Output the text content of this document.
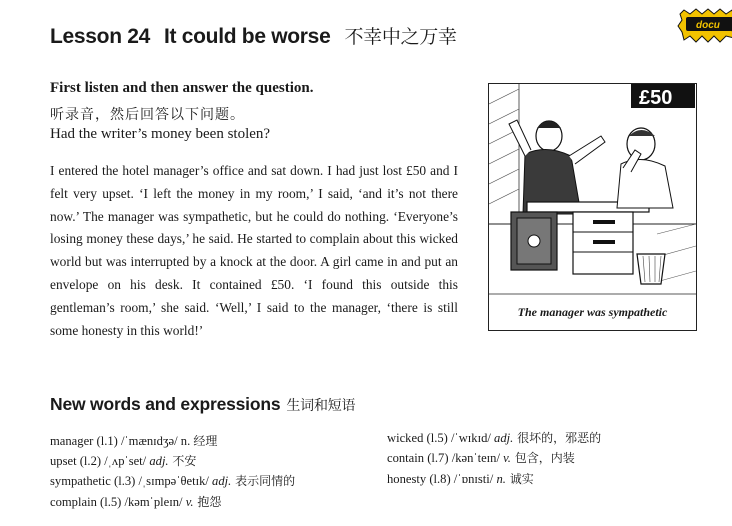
Lesson 24 It could be worse 不幸中之万幸
docu
First listen and then answer the question.
听录音，然后回答以下问题。
Had the writer’s money been stolen?
I entered the hotel manager’s office and sat down. I had just lost £50 and I felt very upset. ‘I left the money in my room,’ I said, ‘and it’s not there now.’ The manager was sympathetic, but he could do nothing. ‘Everyone’s losing money these days,’ he said. He started to complain about this wicked world but was interrupted by a knock at the door. A girl came in and put an envelope on his desk. It contained £50. ‘I found this outside this gentleman’s room,’ she said. ‘Well,’ I said to the manager, ‘there is still some honesty in this world!’
£50
The manager was sympathetic
New words and expressions 生词和短语
manager (l.1) /ˈmænɪdʒə/ n. 经理
upset (l.2) /ˌʌpˈset/ adj. 不安
sympathetic (l.3) /ˌsɪmpəˈθetɪk/ adj. 表示同情的
complain (l.5) /kəmˈpleɪn/ v. 抱怨
wicked (l.5) /ˈwɪkɪd/ adj. 很坏的，邪恶的
contain (l.7) /kənˈteɪn/ v. 包含，内装
honesty (l.8) /ˈɒnɪsti/ n. 诚实
